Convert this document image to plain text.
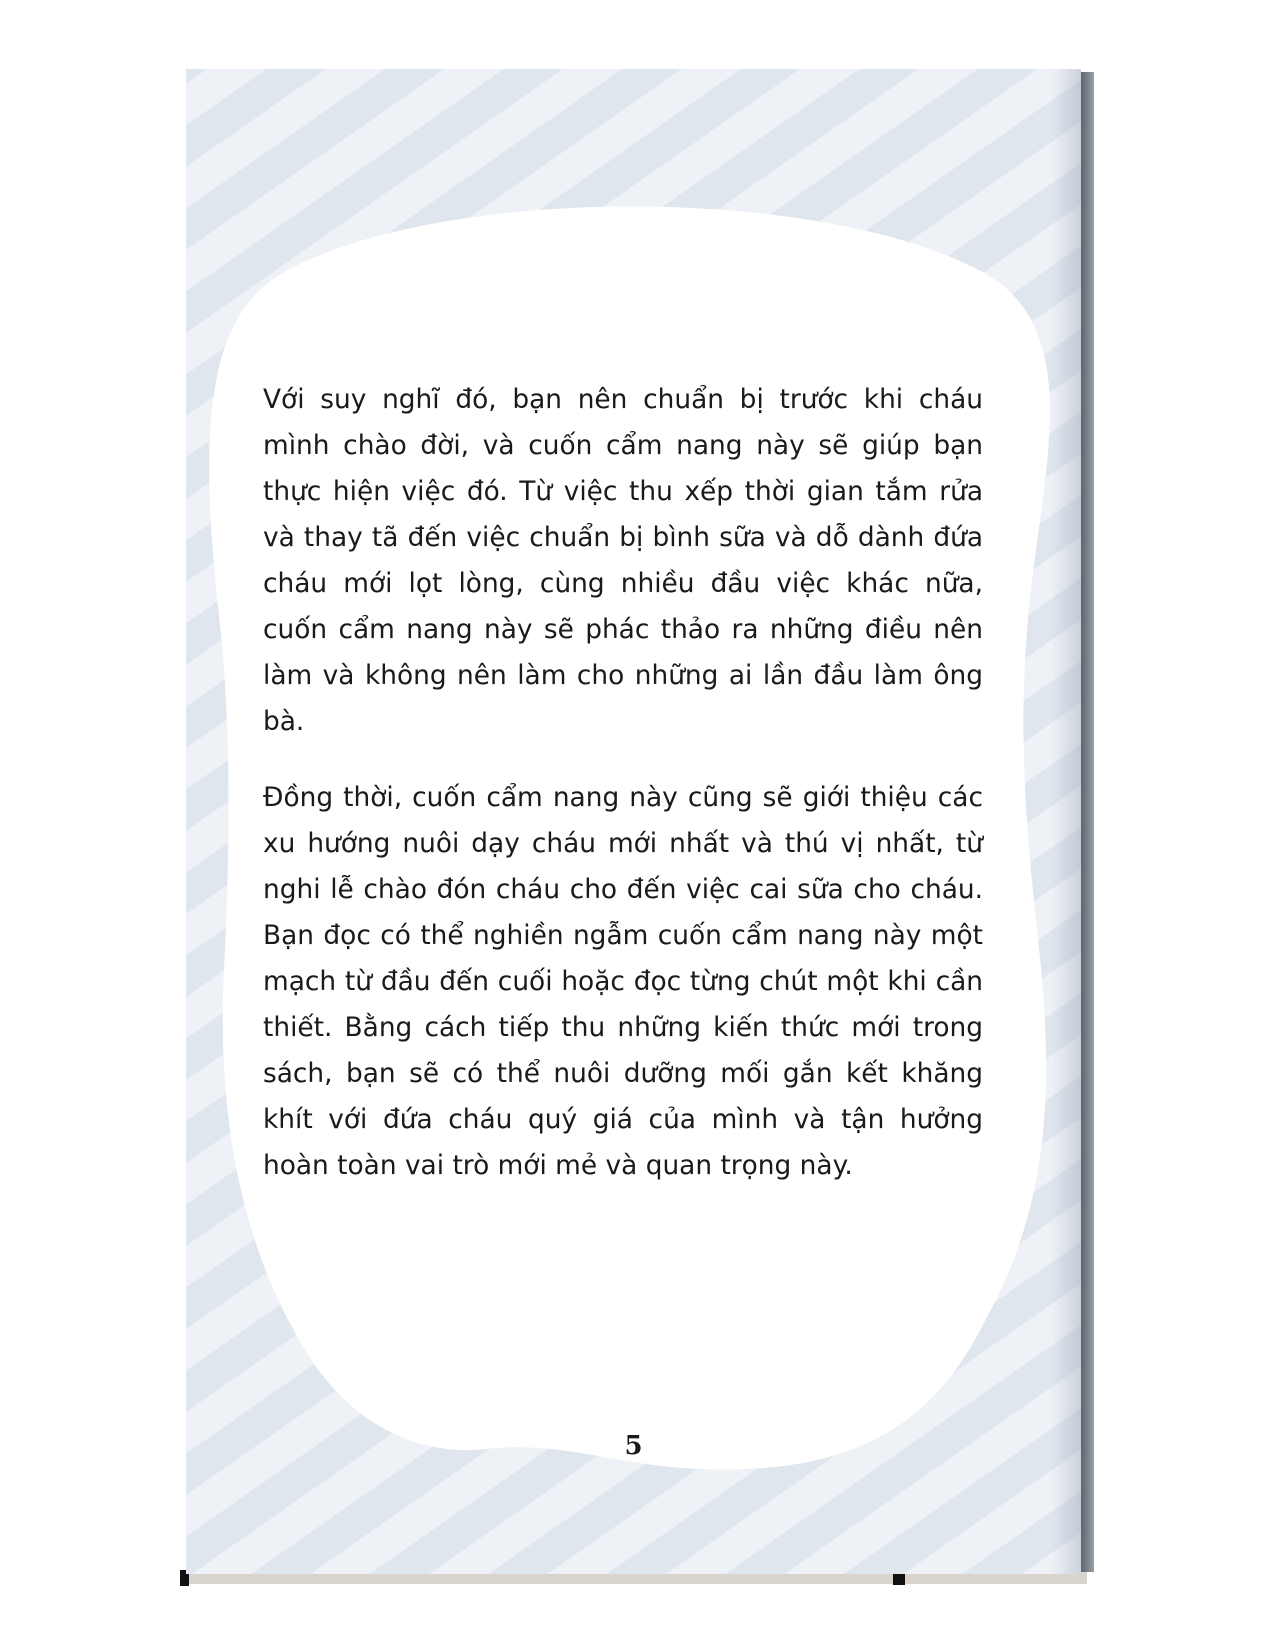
Với suy nghĩ đó, bạn nên chuẩn bị trước khi cháu mình chào đời, và cuốn cẩm nang này sẽ giúp bạn thực hiện việc đó. Từ việc thu xếp thời gian tắm rửa và thay tã đến việc chuẩn bị bình sữa và dỗ dành đứa cháu mới lọt lòng, cùng nhiều đầu việc khác nữa, cuốn cẩm nang này sẽ phác thảo ra những điều nên làm và không nên làm cho những ai lần đầu làm ông bà.

Đồng thời, cuốn cẩm nang này cũng sẽ giới thiệu các xu hướng nuôi dạy cháu mới nhất và thú vị nhất, từ nghi lễ chào đón cháu cho đến việc cai sữa cho cháu. Bạn đọc có thể nghiền ngẫm cuốn cẩm nang này một mạch từ đầu đến cuối hoặc đọc từng chút một khi cần thiết. Bằng cách tiếp thu những kiến thức mới trong sách, bạn sẽ có thể nuôi dưỡng mối gắn kết khăng khít với đứa cháu quý giá của mình và tận hưởng hoàn toàn vai trò mới mẻ và quan trọng này.

5
